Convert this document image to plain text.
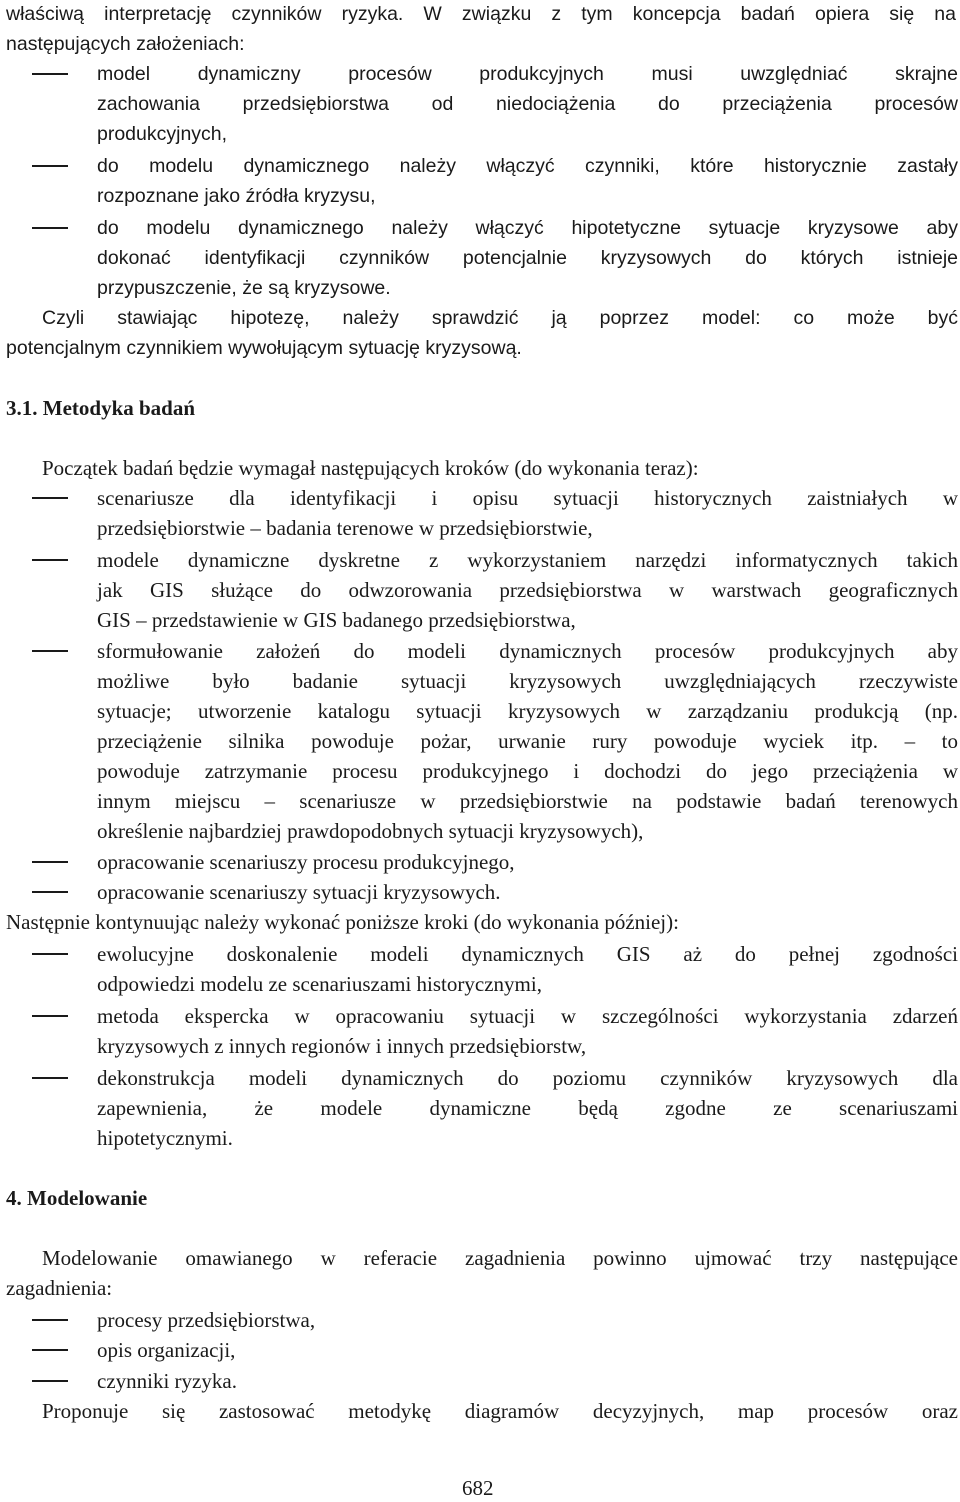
właściwą interpretację czynników ryzyka. W związku z tym koncepcja badań opiera się na
następujących założeniach:
model dynamiczny procesów produkcyjnych musi uwzględniać skrajne
zachowania przedsiębiorstwa od niedociążenia do przeciążenia procesów
produkcyjnych,
do modelu dynamicznego należy włączyć czynniki, które historycznie zastały
rozpoznane jako źródła kryzysu,
do modelu dynamicznego należy włączyć hipotetyczne sytuacje kryzysowe aby
dokonać identyfikacji czynników potencjalnie kryzysowych do których istnieje
przypuszczenie, że są kryzysowe.
Czyli stawiając hipotezę, należy sprawdzić ją poprzez model: co może być
potencjalnym czynnikiem wywołującym sytuację kryzysową.
3.1. Metodyka badań
Początek badań będzie wymagał następujących kroków (do wykonania teraz):
scenariusze dla identyfikacji i opisu sytuacji historycznych zaistniałych w
przedsiębiorstwie – badania terenowe w przedsiębiorstwie,
modele dynamiczne dyskretne z wykorzystaniem narzędzi informatycznych takich
jak GIS służące do odwzorowania przedsiębiorstwa w warstwach geograficznych
GIS – przedstawienie w GIS badanego przedsiębiorstwa,
sformułowanie założeń do modeli dynamicznych procesów produkcyjnych aby
możliwe było badanie sytuacji kryzysowych uwzględniających rzeczywiste
sytuacje; utworzenie katalogu sytuacji kryzysowych w zarządzaniu produkcją (np.
przeciążenie silnika powoduje pożar, urwanie rury powoduje wyciek itp. – to
powoduje zatrzymanie procesu produkcyjnego i dochodzi do jego przeciążenia w
innym miejscu – scenariusze w przedsiębiorstwie na podstawie badań terenowych
określenie najbardziej prawdopodobnych sytuacji kryzysowych),
opracowanie scenariuszy procesu produkcyjnego,
opracowanie scenariuszy sytuacji kryzysowych.
Następnie kontynuując należy wykonać poniższe kroki (do wykonania później):
ewolucyjne doskonalenie modeli dynamicznych GIS aż do pełnej zgodności
odpowiedzi modelu ze scenariuszami historycznymi,
metoda ekspercka w opracowaniu sytuacji w szczególności wykorzystania zdarzeń
kryzysowych z innych regionów i innych przedsiębiorstw,
dekonstrukcja modeli dynamicznych do poziomu czynników kryzysowych dla
zapewnienia, że modele dynamiczne będą zgodne ze scenariuszami
hipotetycznymi.
4. Modelowanie
Modelowanie omawianego w referacie zagadnienia powinno ujmować trzy następujące
zagadnienia:
procesy przedsiębiorstwa,
opis organizacji,
czynniki ryzyka.
Proponuje się zastosować metodykę diagramów decyzyjnych, map procesów oraz
682
